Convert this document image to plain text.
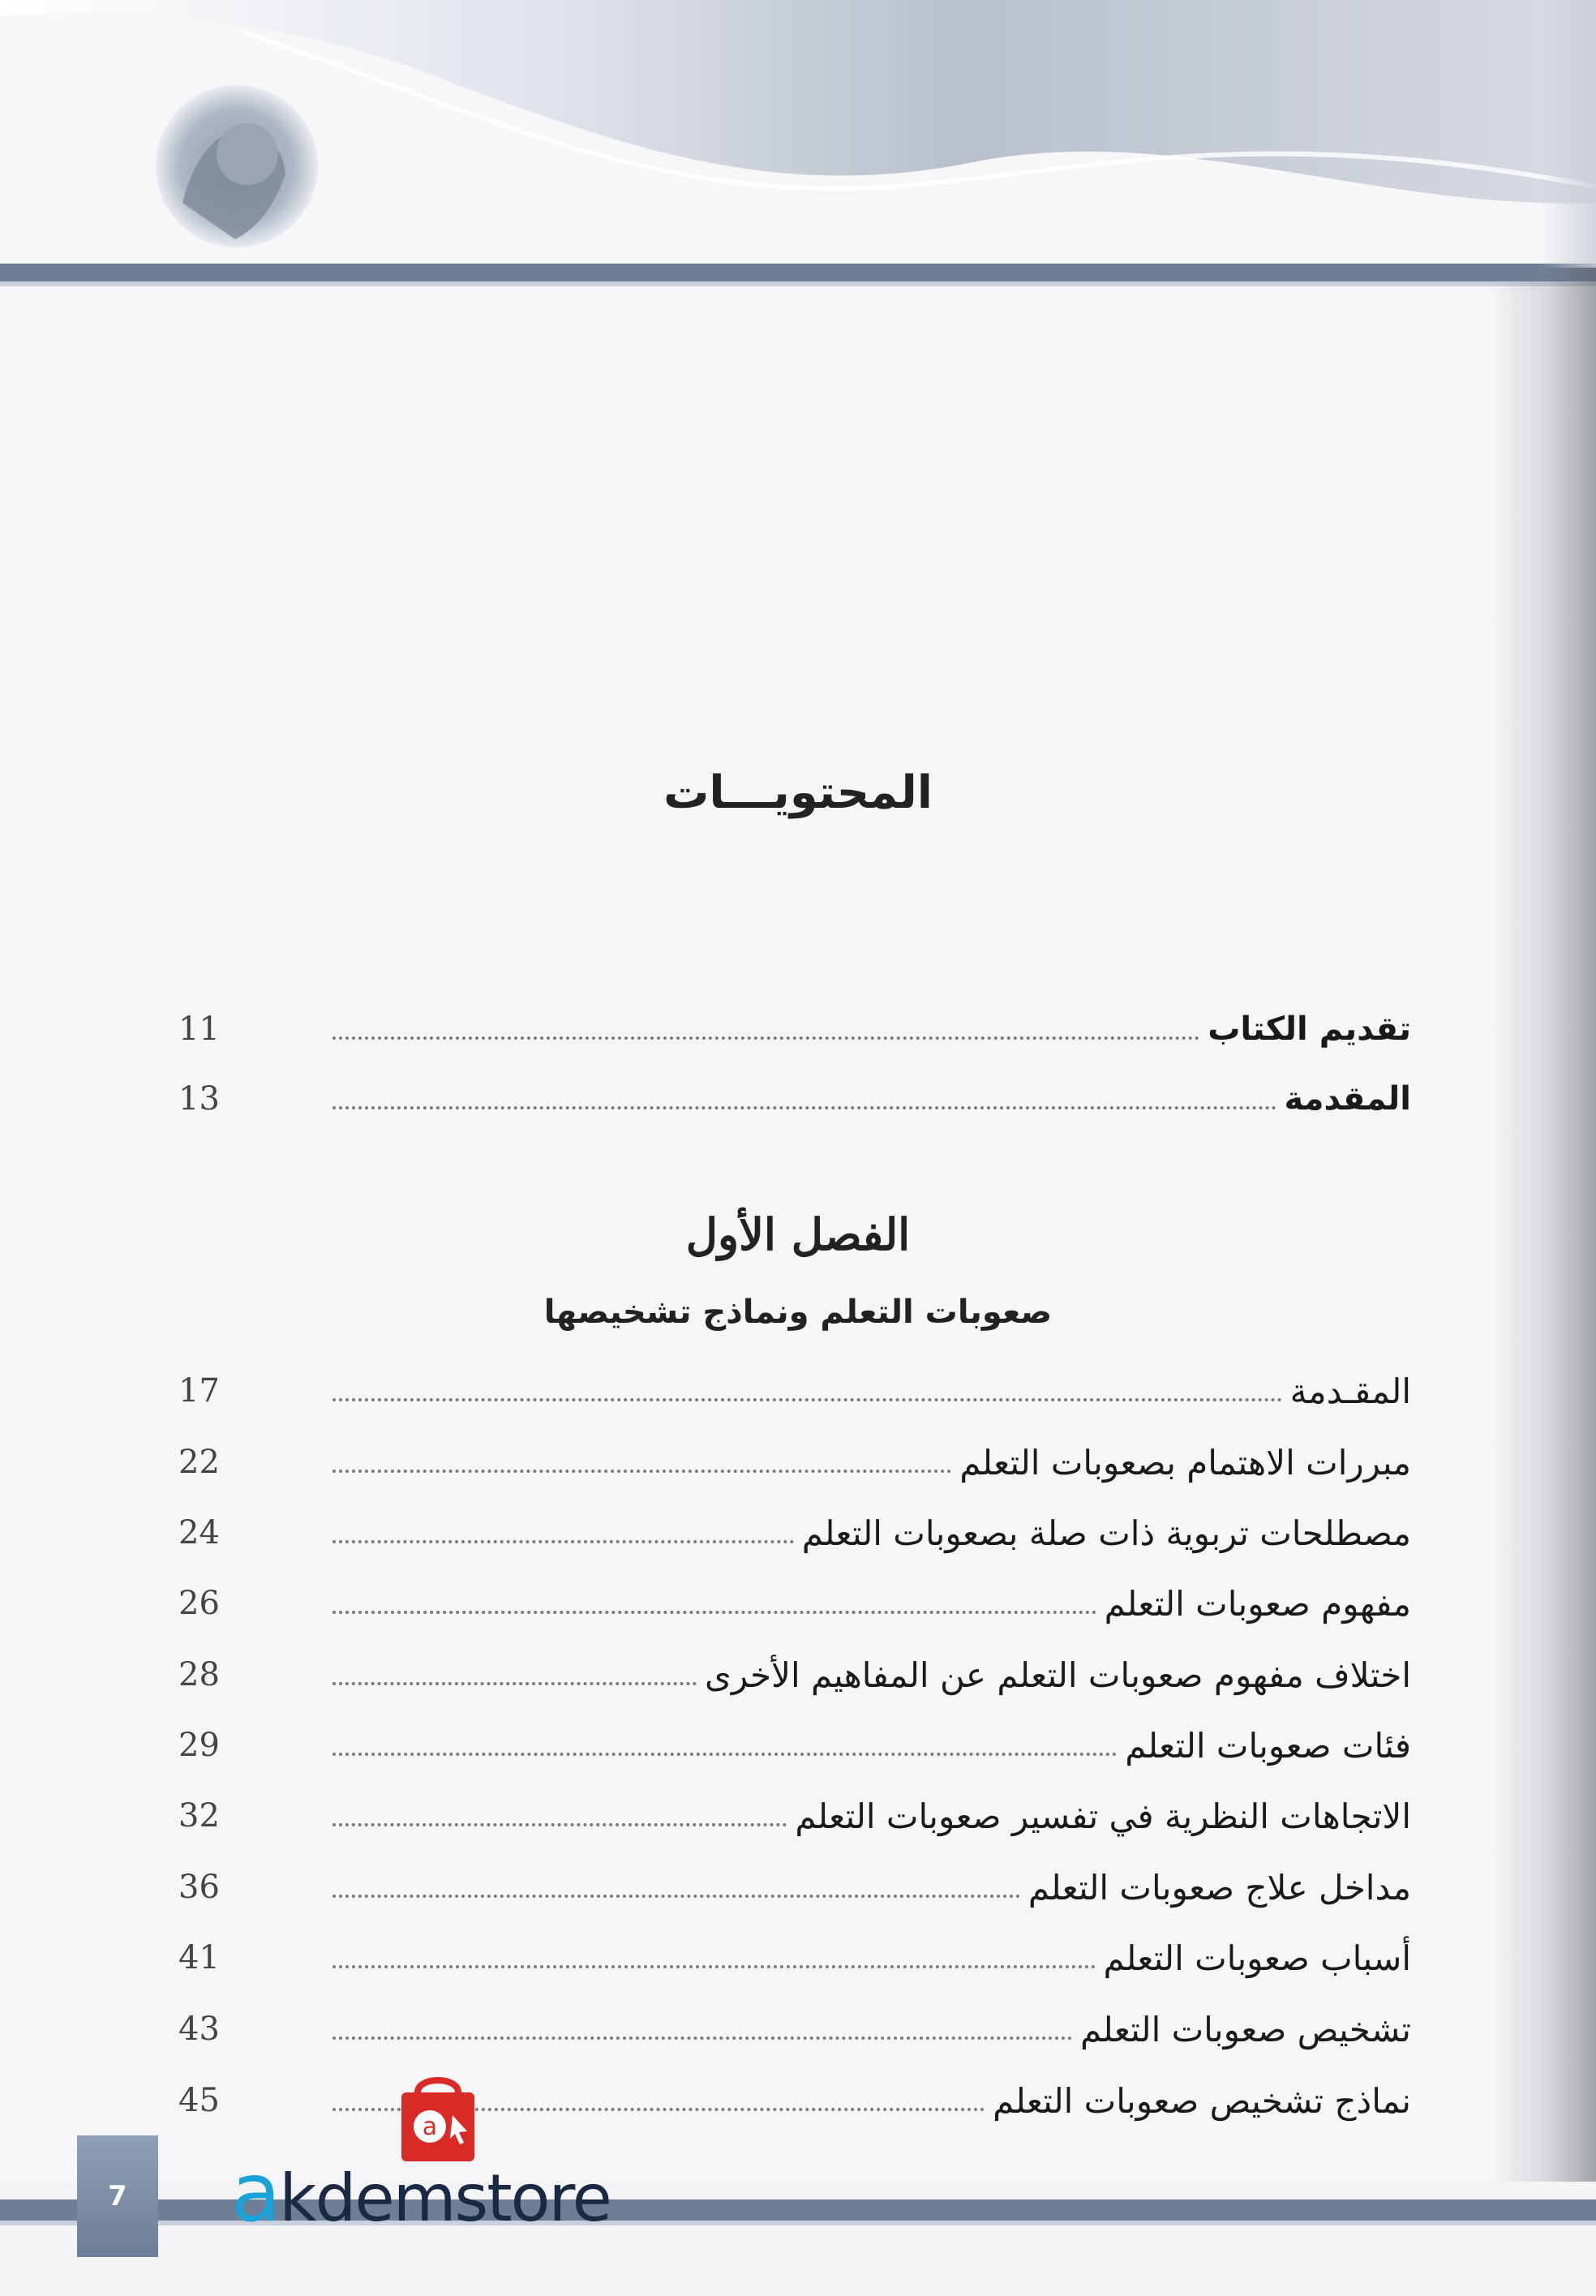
المحتويـــات
تقديم الكتاب
11
المقدمة
13
الفصل الأول
صعوبات التعلم ونماذج تشخيصها
المقـدمة
17
مبررات الاهتمام بصعوبات التعلم
22
مصطلحات تربوية ذات صلة بصعوبات التعلم
24
مفهوم صعوبات التعلم
26
اختلاف مفهوم صعوبات التعلم عن المفاهيم الأخرى
28
فئات صعوبات التعلم
29
الاتجاهات النظرية في تفسير صعوبات التعلم
32
مداخل علاج صعوبات التعلم
36
أسباب صعوبات التعلم
41
تشخيص صعوبات التعلم
43
نماذج تشخيص صعوبات التعلم
45
7
a
akdemstore
